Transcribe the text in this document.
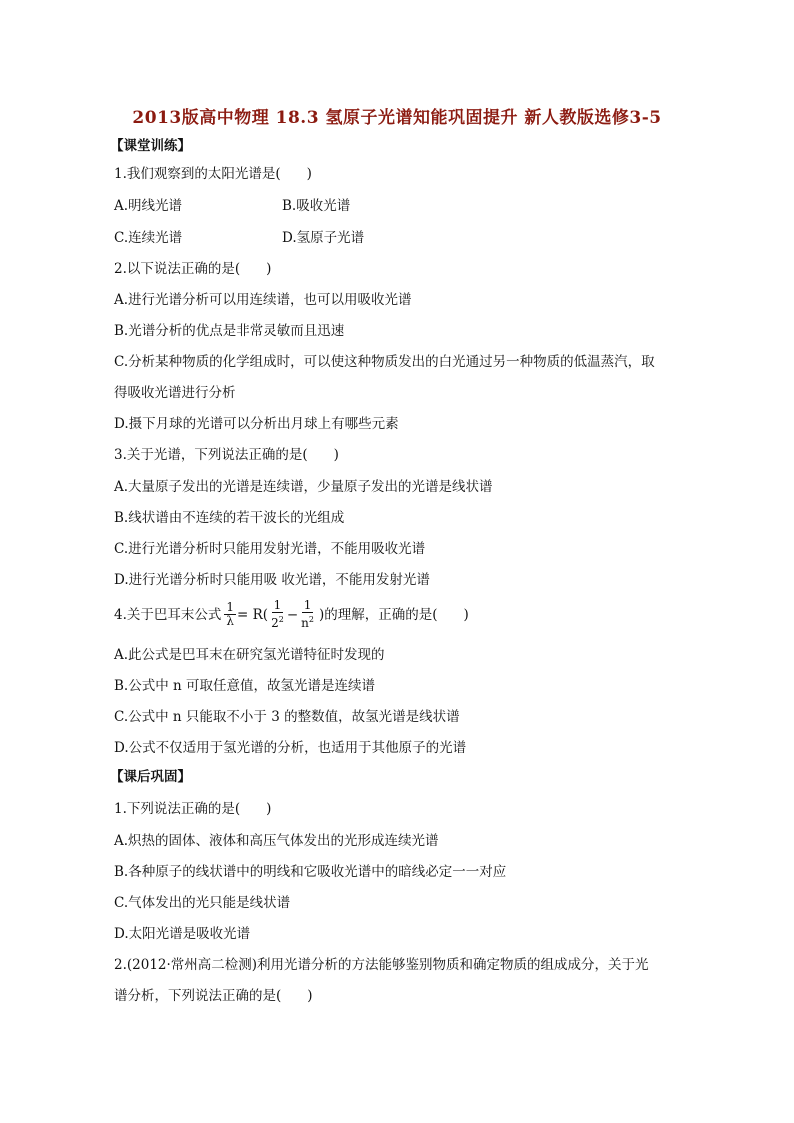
2013版高中物理 18.3 氢原子光谱知能巩固提升 新人教版选修3-5
【课堂训练】
1.我们观察到的太阳光谱是( )
A.明线光谱	B.吸收光谱
C.连续光谱	D.氢原子光谱
2.以下说法正确的是( )
A.进行光谱分析可以用连续谱，也可以用吸收光谱
B.光谱分析的优点是非常灵敏而且迅速
C.分析某种物质的化学组成时，可以使这种物质发出的白光通过另一种物质的低温蒸汽，取
得吸收光谱进行分析
D.摄下月球的光谱可以分析出月球上有哪些元素
3.关于光谱，下列说法正确的是( )
A.大量原子发出的光谱是连续谱，少量原子发出的光谱是线状谱
B.线状谱由不连续的若干波长的光组成
C.进行光谱分析时只能用发射光谱，不能用吸收光谱
D.进行光谱分析时只能用吸 收光谱，不能用发射光谱
4.关于巴耳末公式 $\frac{1}{\lambda} = R( \frac{1}{2^2} - \frac{1}{n^2}$ )的理解，正确的是( )
A.此公式是巴耳末在研究氢光谱特征时发现的
B.公式中 n 可取任意值，故氢光谱是连续谱
C.公式中 n 只能取不小于 3 的整数值，故氢光谱是线状谱
D.公式不仅适用于氢光谱的分析，也适用于其他原子的光谱
【课后巩固】
1.下列说法正确的是( )
A.炽热的固体、液体和高压气体发出的光形成连续光谱
B.各种原子的线状谱中的明线和它吸收光谱中的暗线必定一一对应
C.气体发出的光只能是线状谱
D.太阳光谱是吸收光谱
2.(2012·常州高二检测)利用光谱分析的方法能够鉴别物质和确定物质的组成成分，关于光
谱分析，下列说法正确的是( )
